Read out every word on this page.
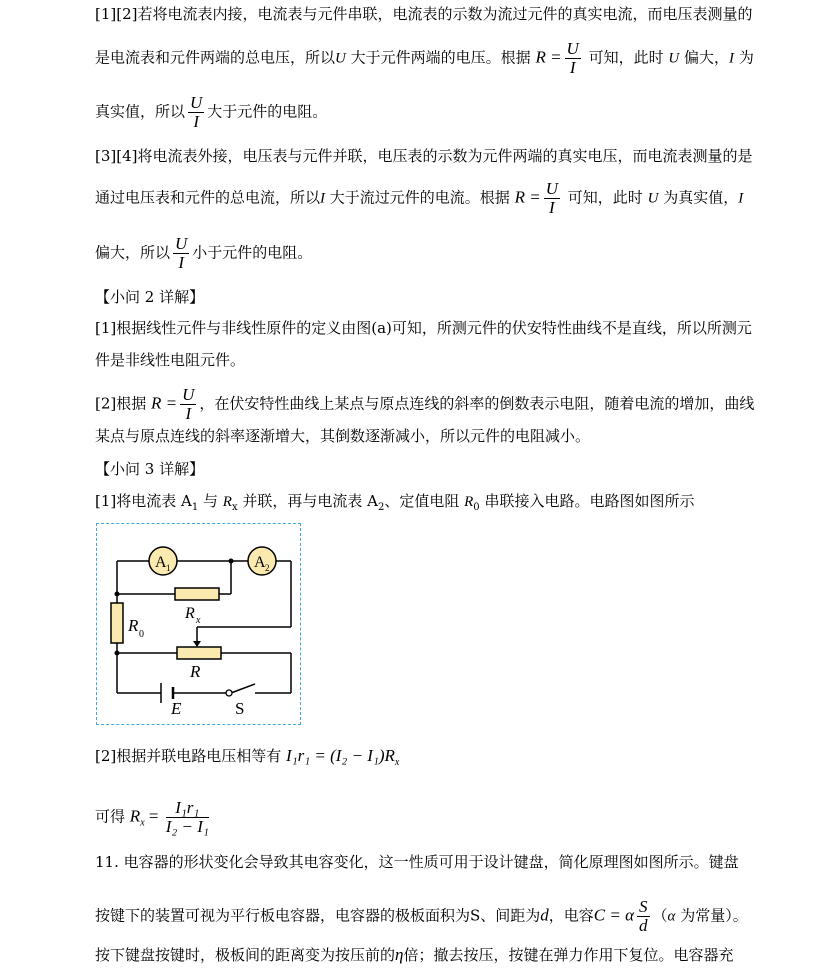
[1][2]若将电流表内接，电流表与元件串联，电流表的示数为流过元件的真实电流，而电压表测量的
是电流表和元件两端的总电压，所以U 大于元件两端的电压。根据 $R = \frac{U}{I}$ 可知，此时 U 偏大，I 为
真实值，所以 $\frac{U}{I}$ 大于元件的电阻。
[3][4]将电流表外接，电压表与元件并联，电压表的示数为元件两端的真实电压，而电流表测量的是
通过电压表和元件的总电流，所以I 大于流过元件的电流。根据 $R = \frac{U}{I}$ 可知，此时 U 为真实值，I
偏大，所以 $\frac{U}{I}$ 小于元件的电阻。
【小问 2 详解】
[1]根据线性元件与非线性原件的定义由图(a)可知，所测元件的伏安特性曲线不是直线，所以所测元
件是非线性电阻元件。
[2]根据 $R = \frac{U}{I}$ ，在伏安特性曲线上某点与原点连线的斜率的倒数表示电阻，随着电流的增加，曲线
某点与原点连线的斜率逐渐增大，其倒数逐渐减小，所以元件的电阻减小。
【小问 3 详解】
[1]将电流表 $A_1$ 与 $R_x$ 并联，再与电流表 $A_2$、定值电阻 $R_0$ 串联接入电路。电路图如图所示
A 1	A 2
R x
R 0
R
E	S
[2]根据并联电路电压相等有 $I_1r_1 = (I_2 - I_1)R_x$
可得 $R_x = \frac{\text{I₁r₁}}{\text{I₂ − I₁}}$
11. 电容器的形状变化会导致其电容变化，这一性质可用于设计键盘，简化原理图如图所示。键盘
按键下的装置可视为平行板电容器，电容器的极板面积为S、间距为d，电容C = α $\frac{S}{d} (\alpha$ 为常量）。
按下键盘按键时，极板间的距离变为按压前的η倍；撤去按压，按键在弹力作用下复位。电容器充
